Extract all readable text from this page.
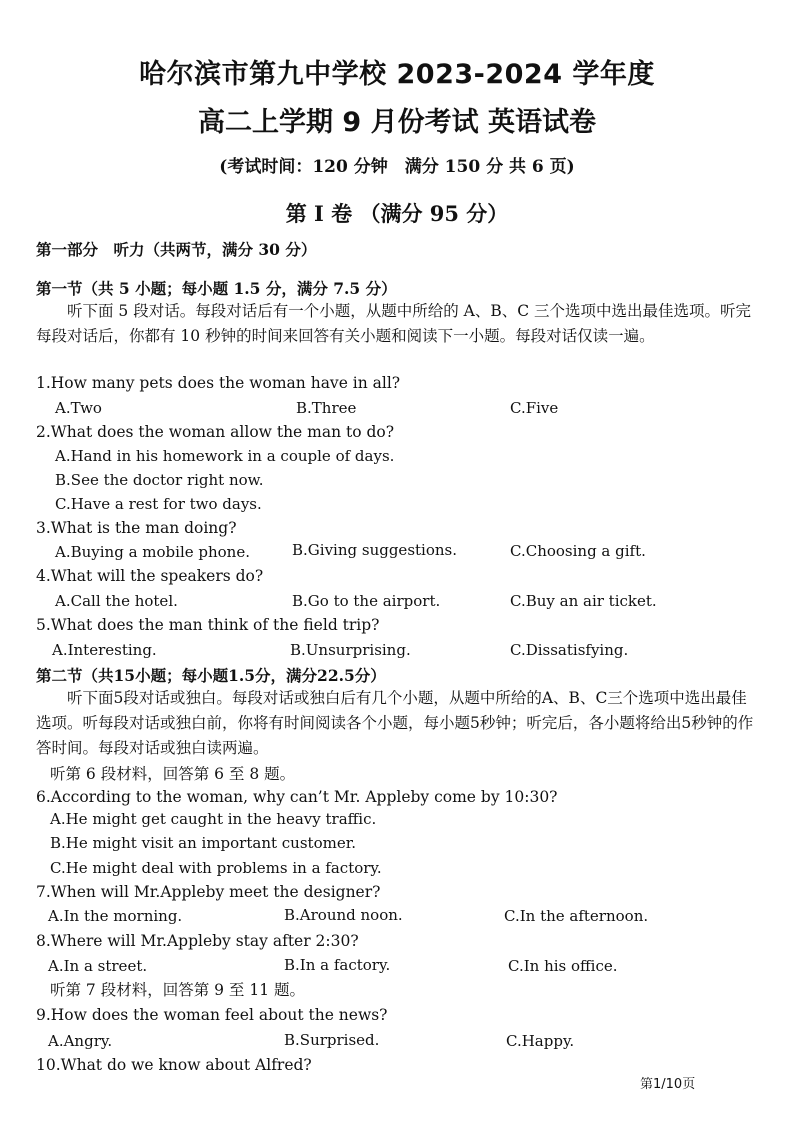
哈尔滨市第九中学校 2023-2024 学年度
高二上学期 9 月份考试 英语试卷
(考试时间：120 分钟　满分 150 分 共 6 页)
第 I 卷 （满分 95 分）
第一部分　听力（共两节，满分 30 分）
第一节（共 5 小题；每小题 1.5 分，满分 7.5 分）
听下面 5 段对话。每段对话后有一个小题，从题中所给的 A、B、C 三个选项中选出最佳选项。听完每段对话后，你都有 10 秒钟的时间来回答有关小题和阅读下一小题。每段对话仅读一遍。
1.How many pets does the woman have in all?
A.Two	B.Three	C.Five
2.What does the woman allow the man to do?
A.Hand in his homework in a couple of days.
B.See the doctor right now.
C.Have a rest for two days.
3.What is the man doing?
A.Buying a mobile phone.	B.Giving suggestions.	C.Choosing a gift.
4.What will the speakers do?
A.Call the hotel.	B.Go to the airport.	C.Buy an air ticket.
5.What does the man think of the field trip?
A.Interesting.	B.Unsurprising.	C.Dissatisfying.
第二节（共15小题；每小题1.5分，满分22.5分）
听下面5段对话或独白。每段对话或独白后有几个小题，从题中所给的A、B、C三个选项中选出最佳选项。听每段对话或独白前，你将有时间阅读各个小题，每小题5秒钟；听完后，各小题将给出5秒钟的作答时间。每段对话或独白读两遍。
听第 6 段材料，回答第 6 至 8 题。
6.According to the woman, why can’t Mr. Appleby come by 10:30?
A.He might get caught in the heavy traffic.
B.He might visit an important customer.
C.He might deal with problems in a factory.
7.When will Mr.Appleby meet the designer?
A.In the morning.	B.Around noon.	C.In the afternoon.
8.Where will Mr.Appleby stay after 2:30?
A.In a street.	B.In a factory.	C.In his office.
听第 7 段材料，回答第 9 至 11 题。
9.How does the woman feel about the news?
A.Angry.	B.Surprised.	C.Happy.
10.What do we know about Alfred?
第1/10页
